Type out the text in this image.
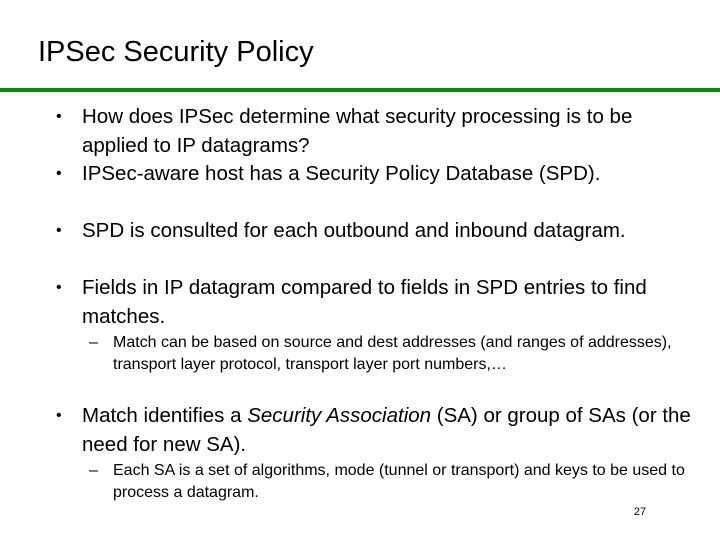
IPSec Security Policy
• How does IPSec determine what security processing is to be applied to IP datagrams?
• IPSec-aware host has a Security Policy Database (SPD).
• SPD is consulted for each outbound and inbound datagram.
• Fields in IP datagram compared to fields in SPD entries to find matches.
– Match can be based on source and dest addresses (and ranges of addresses), transport layer protocol, transport layer port numbers,…
• Match identifies a Security Association (SA) or group of SAs (or the need for new SA).
– Each SA is a set of algorithms, mode (tunnel or transport) and keys to be used to process a datagram.
27
